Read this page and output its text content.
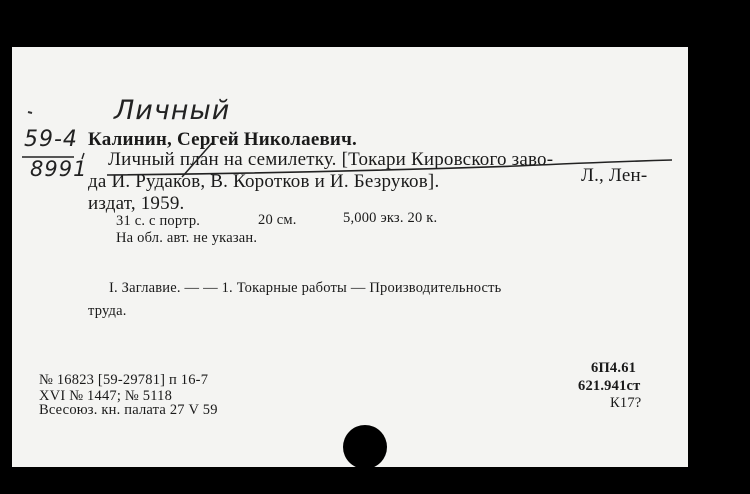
Личный
59-4
8991
Калинин, Сергей Николаевич.
Личный план на семилетку. [Токари Кировского заво-
да И. Рудаков, В. Коротков и И. Безруков].	Л., Лен-
издат, 1959.
31 с. с портр.	20 см.	5,000 экз. 20 к.
На обл. авт. не указан.
I. Заглавие. — — 1. Токарные работы — Производительность
труда.
№ 16823 [59-29781] п 16-7
XVI № 1447; № 5118
Всесоюз. кн. палата 27 V 59
6П4.61
621.941ст
К17?
